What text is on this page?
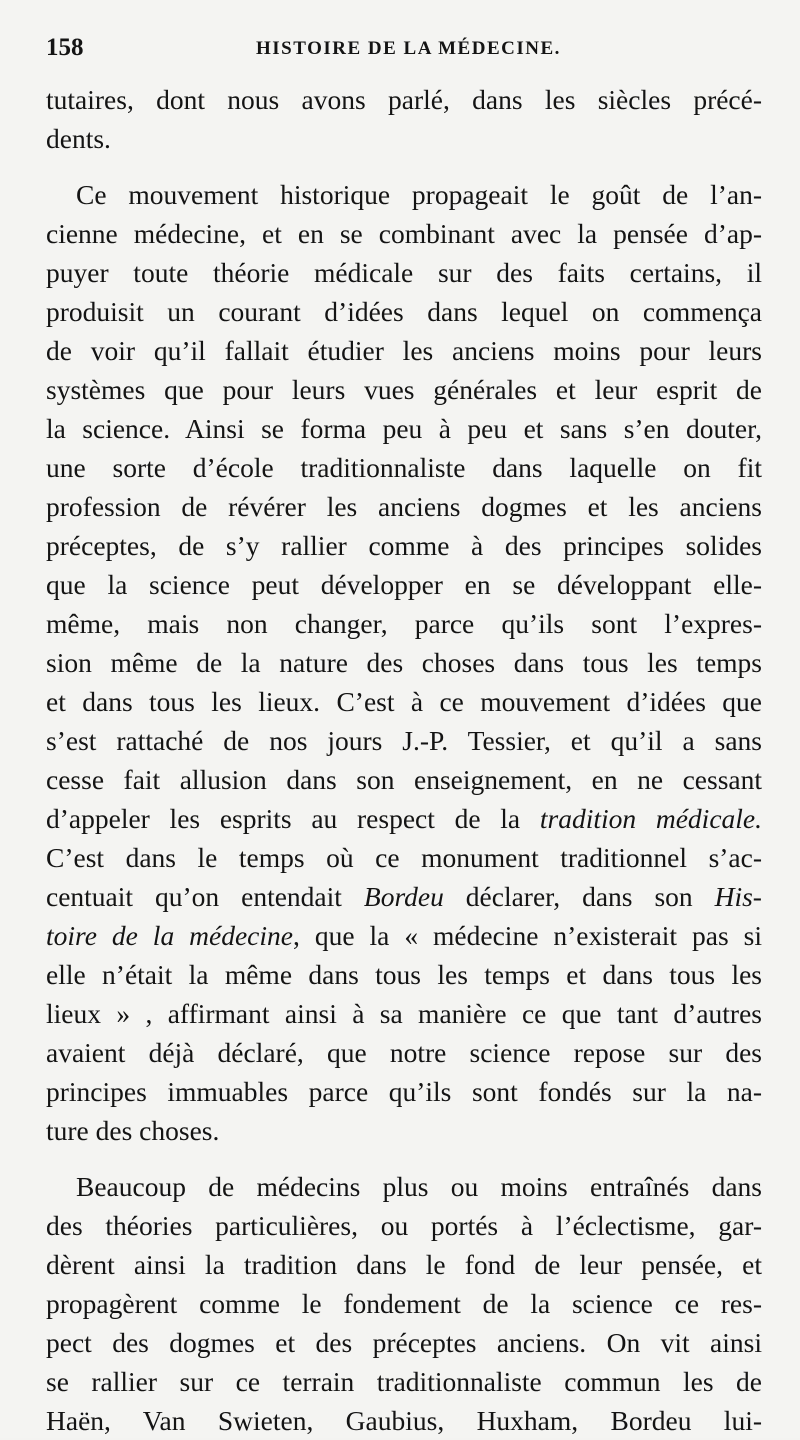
158	HISTOIRE DE LA MÉDECINE.
tutaires, dont nous avons parlé, dans les siècles précé-
dents.
Ce mouvement historique propageait le goût de l’an-
cienne médecine, et en se combinant avec la pensée d’ap-
puyer toute théorie médicale sur des faits certains, il
produisit un courant d’idées dans lequel on commença
de voir qu’il fallait étudier les anciens moins pour leurs
systèmes que pour leurs vues générales et leur esprit de
la science. Ainsi se forma peu à peu et sans s’en douter,
une sorte d’école traditionnaliste dans laquelle on fit
profession de révérer les anciens dogmes et les anciens
préceptes, de s’y rallier comme à des principes solides
que la science peut développer en se développant elle-
même, mais non changer, parce qu’ils sont l’expres-
sion même de la nature des choses dans tous les temps
et dans tous les lieux. C’est à ce mouvement d’idées que
s’est rattaché de nos jours J.-P. Tessier, et qu’il a sans
cesse fait allusion dans son enseignement, en ne cessant
d’appeler les esprits au respect de la tradition médicale.
C’est dans le temps où ce monument traditionnel s’ac-
centuait qu’on entendait Bordeu déclarer, dans son His-
toire de la médecine, que la « médecine n’existerait pas si
elle n’était la même dans tous les temps et dans tous les
lieux » , affirmant ainsi à sa manière ce que tant d’autres
avaient déjà déclaré, que notre science repose sur des
principes immuables parce qu’ils sont fondés sur la na-
ture des choses.
Beaucoup de médecins plus ou moins entraînés dans
des théories particulières, ou portés à l’éclectisme, gar-
dèrent ainsi la tradition dans le fond de leur pensée, et
propagèrent comme le fondement de la science ce res-
pect des dogmes et des préceptes anciens. On vit ainsi
se rallier sur ce terrain traditionnaliste commun les de
Haën, Van Swieten, Gaubius, Huxham, Bordeu lui-
